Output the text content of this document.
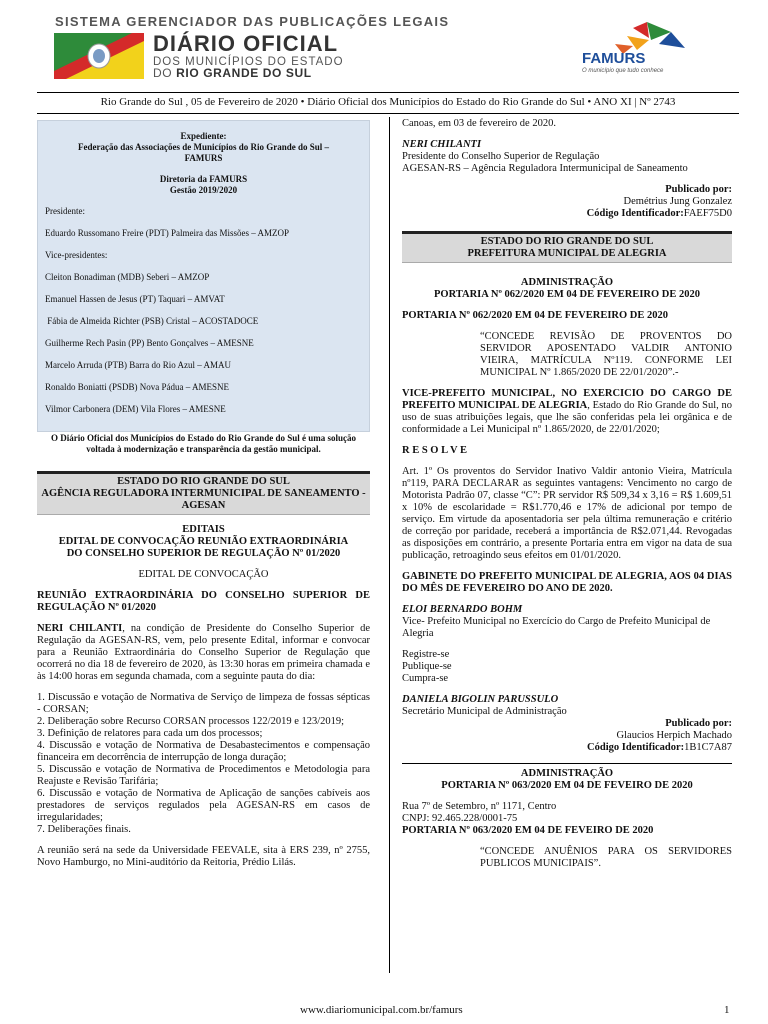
SISTEMA GERENCIADOR DAS PUBLICAÇÕES LEGAIS
DIÁRIO OFICIAL
DOS MUNICÍPIOS DO ESTADO
DO RIO GRANDE DO SUL
FAMURS
O município que tudo conhece
Rio Grande do Sul , 05 de Fevereiro de 2020 • Diário Oficial dos Municípios do Estado do Rio Grande do Sul • ANO XI | Nº 2743

Expediente:

Federação das Associações de Municípios do Rio Grande do Sul –

FAMURS

Diretoria da FAMURS

Gestão 2019/2020

Presidente:

Eduardo Russomano Freire (PDT) Palmeira das Missões – AMZOP

Vice-presidentes:

Cleiton Bonadiman (MDB) Seberi – AMZOP

Emanuel Hassen de Jesus (PT) Taquari – AMVAT

Fábia de Almeida Richter (PSB) Cristal – ACOSTADOCE

Guilherme Rech Pasin (PP) Bento Gonçalves – AMESNE

Marcelo Arruda (PTB) Barra do Rio Azul – AMAU

Ronaldo Boniatti (PSDB) Nova Pádua – AMESNE

Vilmor Carbonera (DEM) Vila Flores – AMESNE

O Diário Oficial dos Municípios do Estado do Rio Grande do Sul é uma solução voltada à modernização e transparência da gestão municipal.

ESTADO DO RIO GRANDE DO SUL
AGÊNCIA REGULADORA INTERMUNICIPAL DE SANEAMENTO - AGESAN
EDITAIS
EDITAL DE CONVOCAÇÃO REUNIÃO EXTRAORDINÁRIA
DO CONSELHO SUPERIOR DE REGULAÇÃO Nº 01/2020
EDITAL DE CONVOCAÇÃO
REUNIÃO EXTRAORDINÁRIA DO CONSELHO SUPERIOR DE REGULAÇÃO Nº 01/2020
NERI CHILANTI, na condição de Presidente do Conselho Superior de Regulação da AGESAN-RS, vem, pelo presente Edital, informar e convocar para a Reunião Extraordinária do Conselho Superior de Regulação que ocorrerá no dia 18 de fevereiro de 2020, às 13:30 horas em primeira chamada e às 14:00 horas em segunda chamada, com a seguinte pauta do dia:
1. Discussão e votação de Normativa de Serviço de limpeza de fossas sépticas - CORSAN;
2. Deliberação sobre Recurso CORSAN processos 122/2019 e 123/2019;
3. Definição de relatores para cada um dos processos;
4. Discussão e votação de Normativa de Desabastecimentos e compensação financeira em decorrência de interrupção de longa duração;
5. Discussão e votação de Normativa de Procedimentos e Metodologia para Reajuste e Revisão Tarifária;
6. Discussão e votação de Normativa de Aplicação de sanções cabíveis aos prestadores de serviços regulados pela AGESAN-RS em casos de irregularidades;
7. Deliberações finais.
A reunião será na sede da Universidade FEEVALE, sita à ERS 239, nº 2755, Novo Hamburgo, no Mini-auditório da Reitoria, Prédio Lilás.
Canoas, em 03 de fevereiro de 2020.
NERI CHILANTI
Presidente do Conselho Superior de Regulação
AGESAN-RS – Agência Reguladora Intermunicipal de Saneamento
Publicado por:
Demétrius Jung Gonzalez
Código Identificador:FAEF75D0
ESTADO DO RIO GRANDE DO SUL
PREFEITURA MUNICIPAL DE ALEGRIA
ADMINISTRAÇÃO
PORTARIA Nº 062/2020 EM 04 DE FEVEREIRO DE 2020
PORTARIA Nº 062/2020 EM 04 DE FEVEREIRO DE 2020
“CONCEDE REVISÃO DE PROVENTOS DO SERVIDOR APOSENTADO VALDIR ANTONIO VIEIRA, MATRÍCULA Nº119. CONFORME LEI MUNICIPAL Nº 1.865/2020 DE 22/01/2020”.-
VICE-PREFEITO MUNICIPAL, NO EXERCICIO DO CARGO DE PREFEITO MUNICIPAL DE ALEGRIA, Estado do Rio Grande do Sul, no uso de suas atribuições legais, que lhe são conferidas pela lei orgânica e de conformidade a Lei Municipal nº 1.865/2020, de 22/01/2020;
R E S O L V E
Art. 1º Os proventos do Servidor Inativo Valdir antonio Vieira, Matrícula nº119, PARA DECLARAR as seguintes vantagens: Vencimento no cargo de Motorista Padrão 07, classe “C”: PR servidor R$ 509,34 x 3,16 = R$ 1.609,51 x 10% de escolaridade = R$1.770,46 e 17% de adicional por tempo de serviço. Em virtude da aposentadoria ser pela última remuneração e critério de correção por paridade, receberá a importância de R$2.071,44. Revogadas as disposições em contrário, a presente Portaria entra em vigor na data de sua publicação, retroagindo seus efeitos em 01/01/2020.
GABINETE DO PREFEITO MUNICIPAL DE ALEGRIA, AOS 04 DIAS DO MÊS DE FEVEREIRO DO ANO DE 2020.
ELOI BERNARDO BOHM
Vice- Prefeito Municipal no Exercício do Cargo de Prefeito Municipal de Alegria
Registre-se
Publique-se
Cumpra-se
DANIELA BIGOLIN PARUSSULO
Secretário Municipal de Administração
Publicado por:
Glaucios Herpich Machado
Código Identificador:1B1C7A87
ADMINISTRAÇÃO
PORTARIA Nº 063/2020 EM 04 DE FEVEIRO DE 2020
Rua 7º de Setembro, nº 1171, Centro
CNPJ: 92.465.228/0001-75
PORTARIA Nº 063/2020 EM 04 DE FEVEIRO DE 2020
“CONCEDE ANUÊNIOS PARA OS SERVIDORES PUBLICOS MUNICIPAIS”.
www.diariomunicipal.com.br/famurs	1
